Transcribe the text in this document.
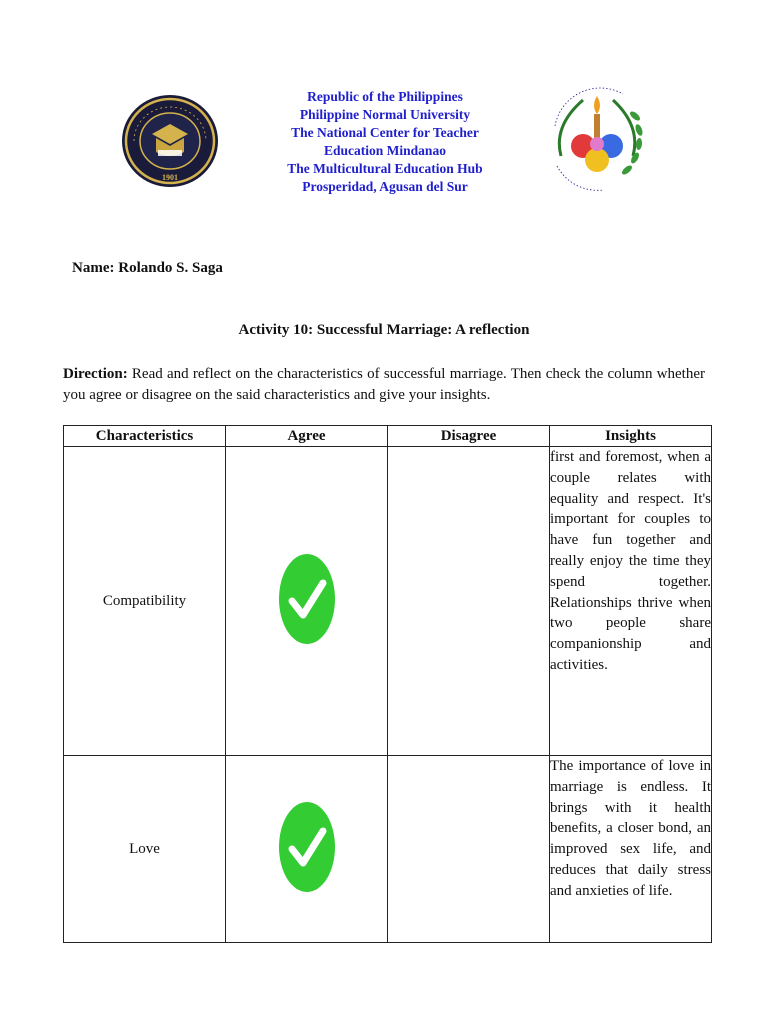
1901
Republic of the Philippines
Philippine Normal University
The National Center for Teacher
Education Mindanao
The Multicultural Education Hub
Prosperidad, Agusan del Sur
Name: Rolando S. Saga
Activity 10: Successful Marriage: A reflection
Direction: Read and reflect on the characteristics of successful marriage. Then check the column whether you agree or disagree on the said characteristics and give your insights.
Characteristics	Agree	Disagree	Insights
Compatibility			first and foremost, when a couple relates with equality and respect. It's important for couples to have fun together and really enjoy the time they spend together. Relationships thrive when two people share companionship and activities.
Love			The importance of love in marriage is endless. It brings with it health benefits, a closer bond, an improved sex life, and reduces that daily stress and anxieties of life.
